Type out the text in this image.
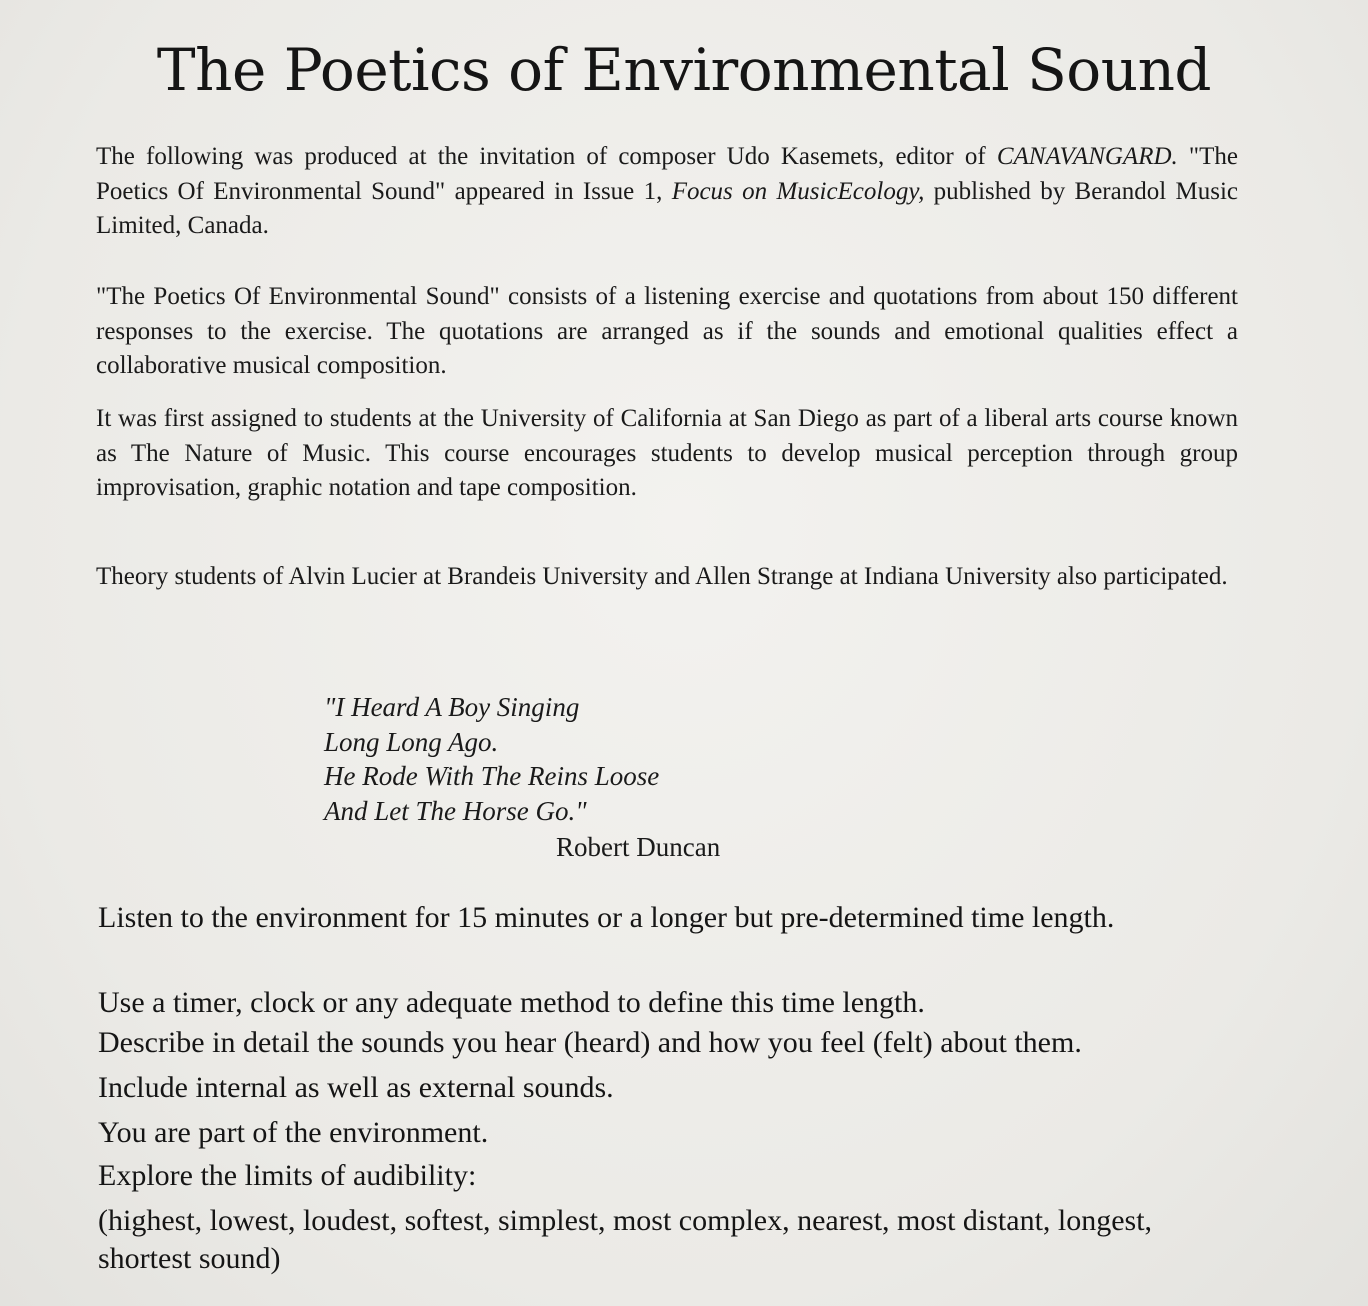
The Poetics of Environmental Sound

The following was produced at the invitation of composer Udo Kasemets, editor of CANAVANGARD. "The Poetics Of Environmental Sound" appeared in Issue 1, Focus on MusicEcology, published by Berandol Music Limited, Canada.

"The Poetics Of Environmental Sound" consists of a listening exercise and quotations from about 150 different responses to the exercise. The quotations are arranged as if the sounds and emotional qualities effect a collaborative musical composition.

It was first assigned to students at the University of California at San Diego as part of a liberal arts course known as The Nature of Music. This course encourages students to develop musical perception through group improvisation, graphic notation and tape composition.

Theory students of Alvin Lucier at Brandeis University and Allen Strange at Indiana University also participated.

"I Heard A Boy Singing
Long Long Ago.
He Rode With The Reins Loose
And Let The Horse Go."
Robert Duncan

Listen to the environment for 15 minutes or a longer but pre-determined time length.

Use a timer, clock or any adequate method to define this time length.

Describe in detail the sounds you hear (heard) and how you feel (felt) about them.

Include internal as well as external sounds.

You are part of the environment.

Explore the limits of audibility:

(highest, lowest, loudest, softest, simplest, most complex, nearest, most distant, longest, shortest sound)
